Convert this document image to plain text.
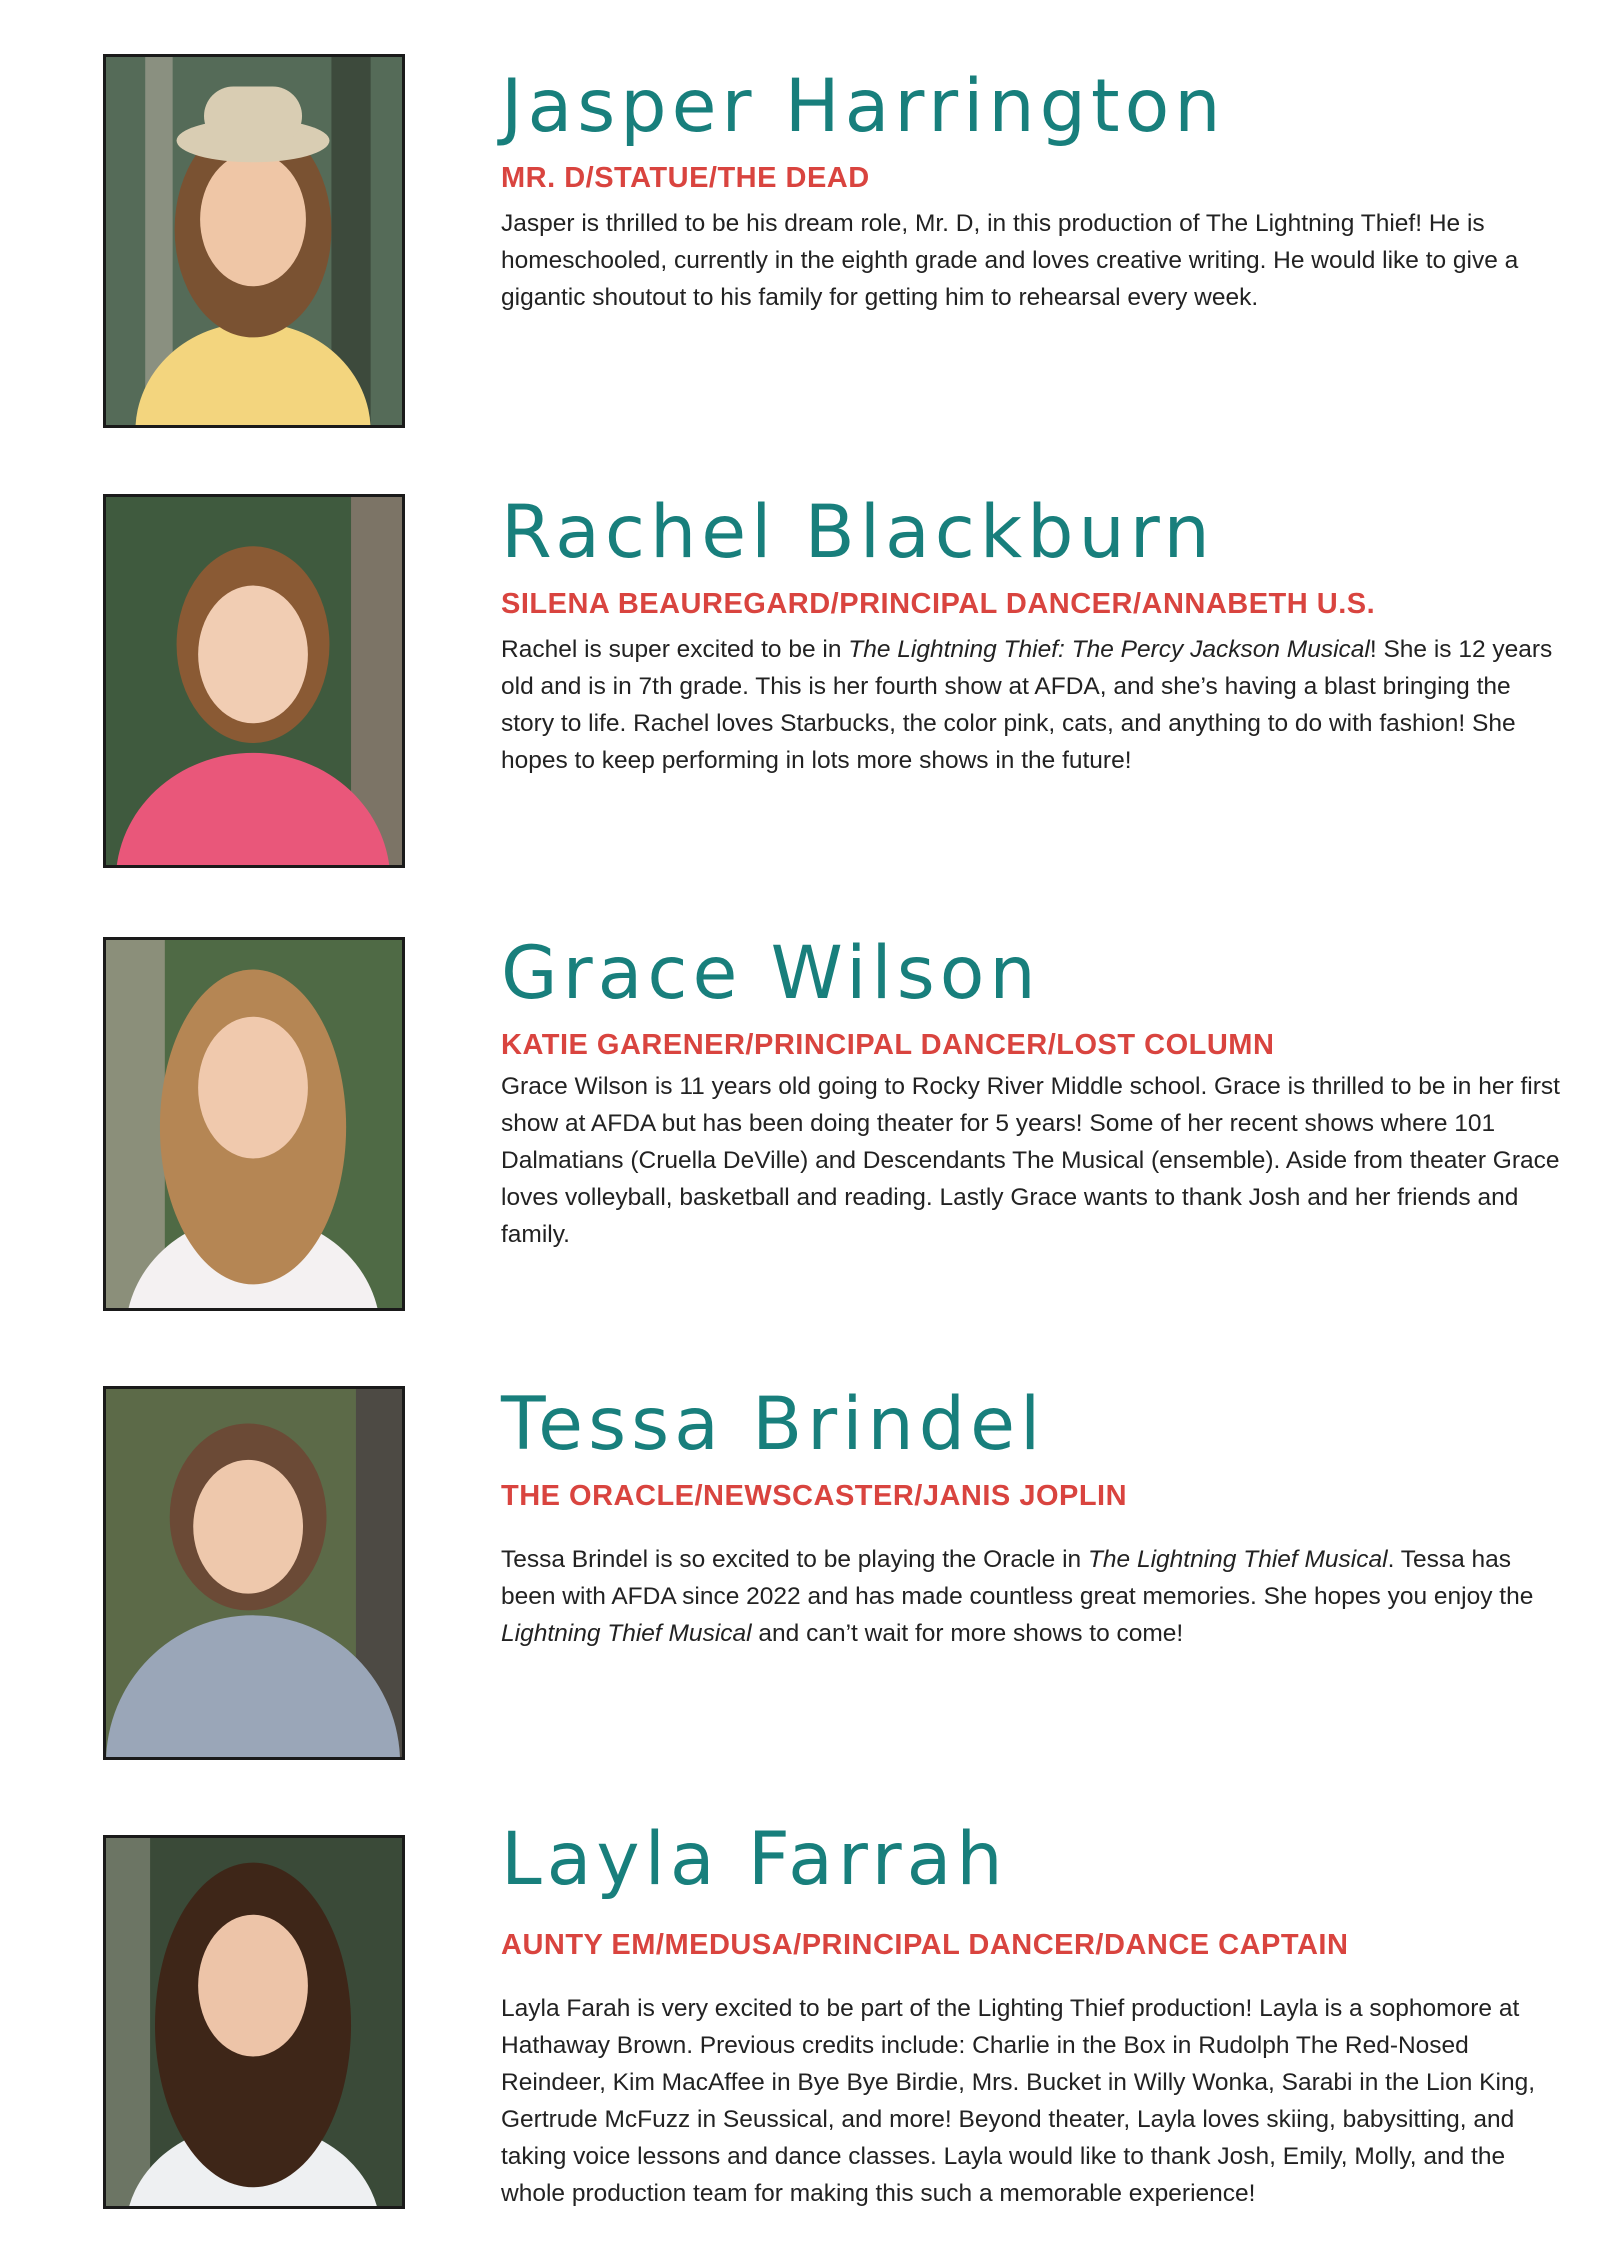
Jasper Harrington
MR. D/STATUE/THE DEAD

Jasper is thrilled to be his dream role, Mr. D, in this production of The Lightning Thief! He is homeschooled, currently in the eighth grade and loves creative writing. He would like to give a gigantic shoutout to his family for getting him to rehearsal every week.

Rachel Blackburn
SILENA BEAUREGARD/PRINCIPAL DANCER/ANNABETH U.S.

Rachel is super excited to be in The Lightning Thief: The Percy Jackson Musical! She is 12 years old and is in 7th grade. This is her fourth show at AFDA, and she’s having a blast bringing the story to life. Rachel loves Starbucks, the color pink, cats, and anything to do with fashion! She hopes to keep performing in lots more shows in the future!

Grace Wilson
KATIE GARENER/PRINCIPAL DANCER/LOST COLUMN

Grace Wilson is 11 years old going to Rocky River Middle school. Grace is thrilled to be in her first show at AFDA but has been doing theater for 5 years! Some of her recent shows where 101 Dalmatians (Cruella DeVille) and Descendants The Musical (ensemble). Aside from theater Grace loves volleyball, basketball and reading. Lastly Grace wants to thank Josh and her friends and family.

Tessa Brindel
THE ORACLE/NEWSCASTER/JANIS JOPLIN

Tessa Brindel is so excited to be playing the Oracle in The Lightning Thief Musical. Tessa has been with AFDA since 2022 and has made countless great memories. She hopes you enjoy the Lightning Thief Musical and can’t wait for more shows to come!

Layla Farrah
AUNTY EM/MEDUSA/PRINCIPAL DANCER/DANCE CAPTAIN

Layla Farah is very excited to be part of the Lighting Thief production! Layla is a sophomore at Hathaway Brown. Previous credits include: Charlie in the Box in Rudolph The Red-Nosed Reindeer, Kim MacAffee in Bye Bye Birdie, Mrs. Bucket in Willy Wonka, Sarabi in the Lion King, Gertrude McFuzz in Seussical, and more! Beyond theater, Layla loves skiing, babysitting, and taking voice lessons and dance classes. Layla would like to thank Josh, Emily, Molly, and the whole production team for making this such a memorable experience!
